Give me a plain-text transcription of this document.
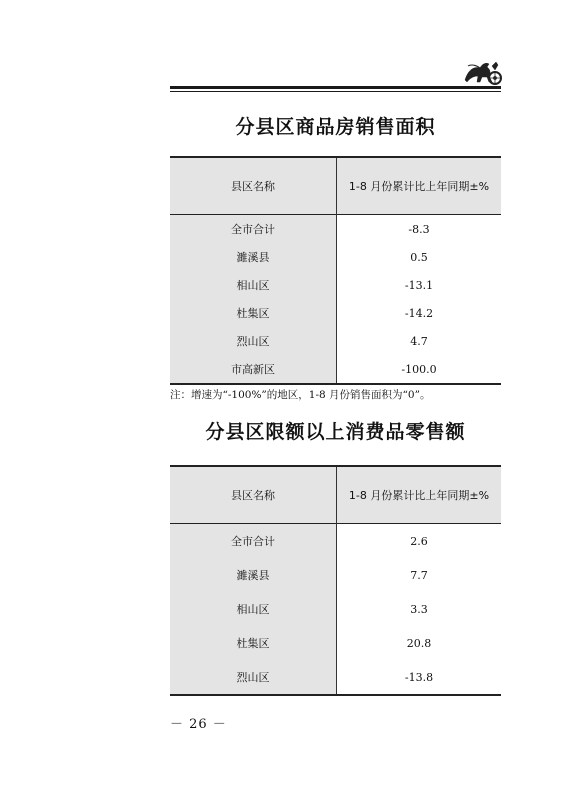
分县区商品房销售面积
县区名称	1-8 月份累计比上年同期±%
全市合计	-8.3
濉溪县	0.5
相山区	-13.1
杜集区	-14.2
烈山区	4.7
市高新区	-100.0
注：增速为“-100%”的地区，1-8 月份销售面积为“0”。
分县区限额以上消费品零售额
县区名称	1-8 月份累计比上年同期±%
全市合计	2.6
濉溪县	7.7
相山区	3.3
杜集区	20.8
烈山区	-13.8
－ 26 －
